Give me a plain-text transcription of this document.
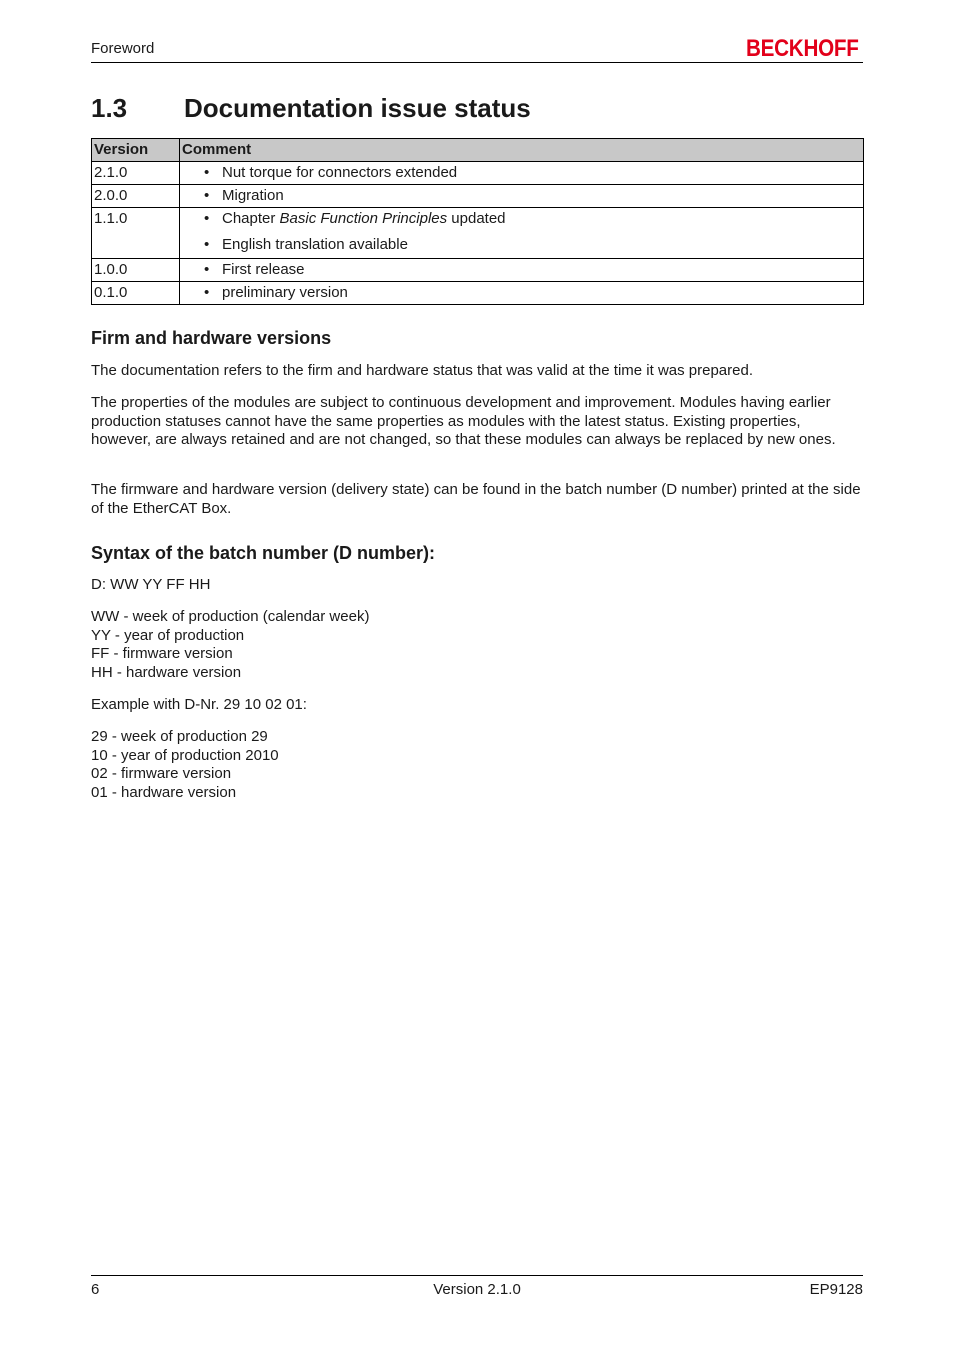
Foreword	BECKHOFF
1.3 Documentation issue status
Version	Comment
2.1.0	• Nut torque for connectors extended

2.0.0	• Migration

1.1.0	• Chapter Basic Function Principles updated
• English translation available

1.0.0	• First release

0.1.0	• preliminary version
Firm and hardware versions

The documentation refers to the firm and hardware status that was valid at the time it was prepared.

The properties of the modules are subject to continuous development and improvement. Modules having earlier production statuses cannot have the same properties as modules with the latest status. Existing properties, however, are always retained and are not changed, so that these modules can always be replaced by new ones.

The firmware and hardware version (delivery state) can be found in the batch number (D number) printed at the side of the EtherCAT Box.

Syntax of the batch number (D number):

D: WW YY FF HH

WW - week of production (calendar week)
YY - year of production
FF - firmware version
HH - hardware version

Example with D-Nr. 29 10 02 01:

29 - week of production 29
10 - year of production 2010
02 - firmware version
01 - hardware version
6	Version 2.1.0	EP9128
